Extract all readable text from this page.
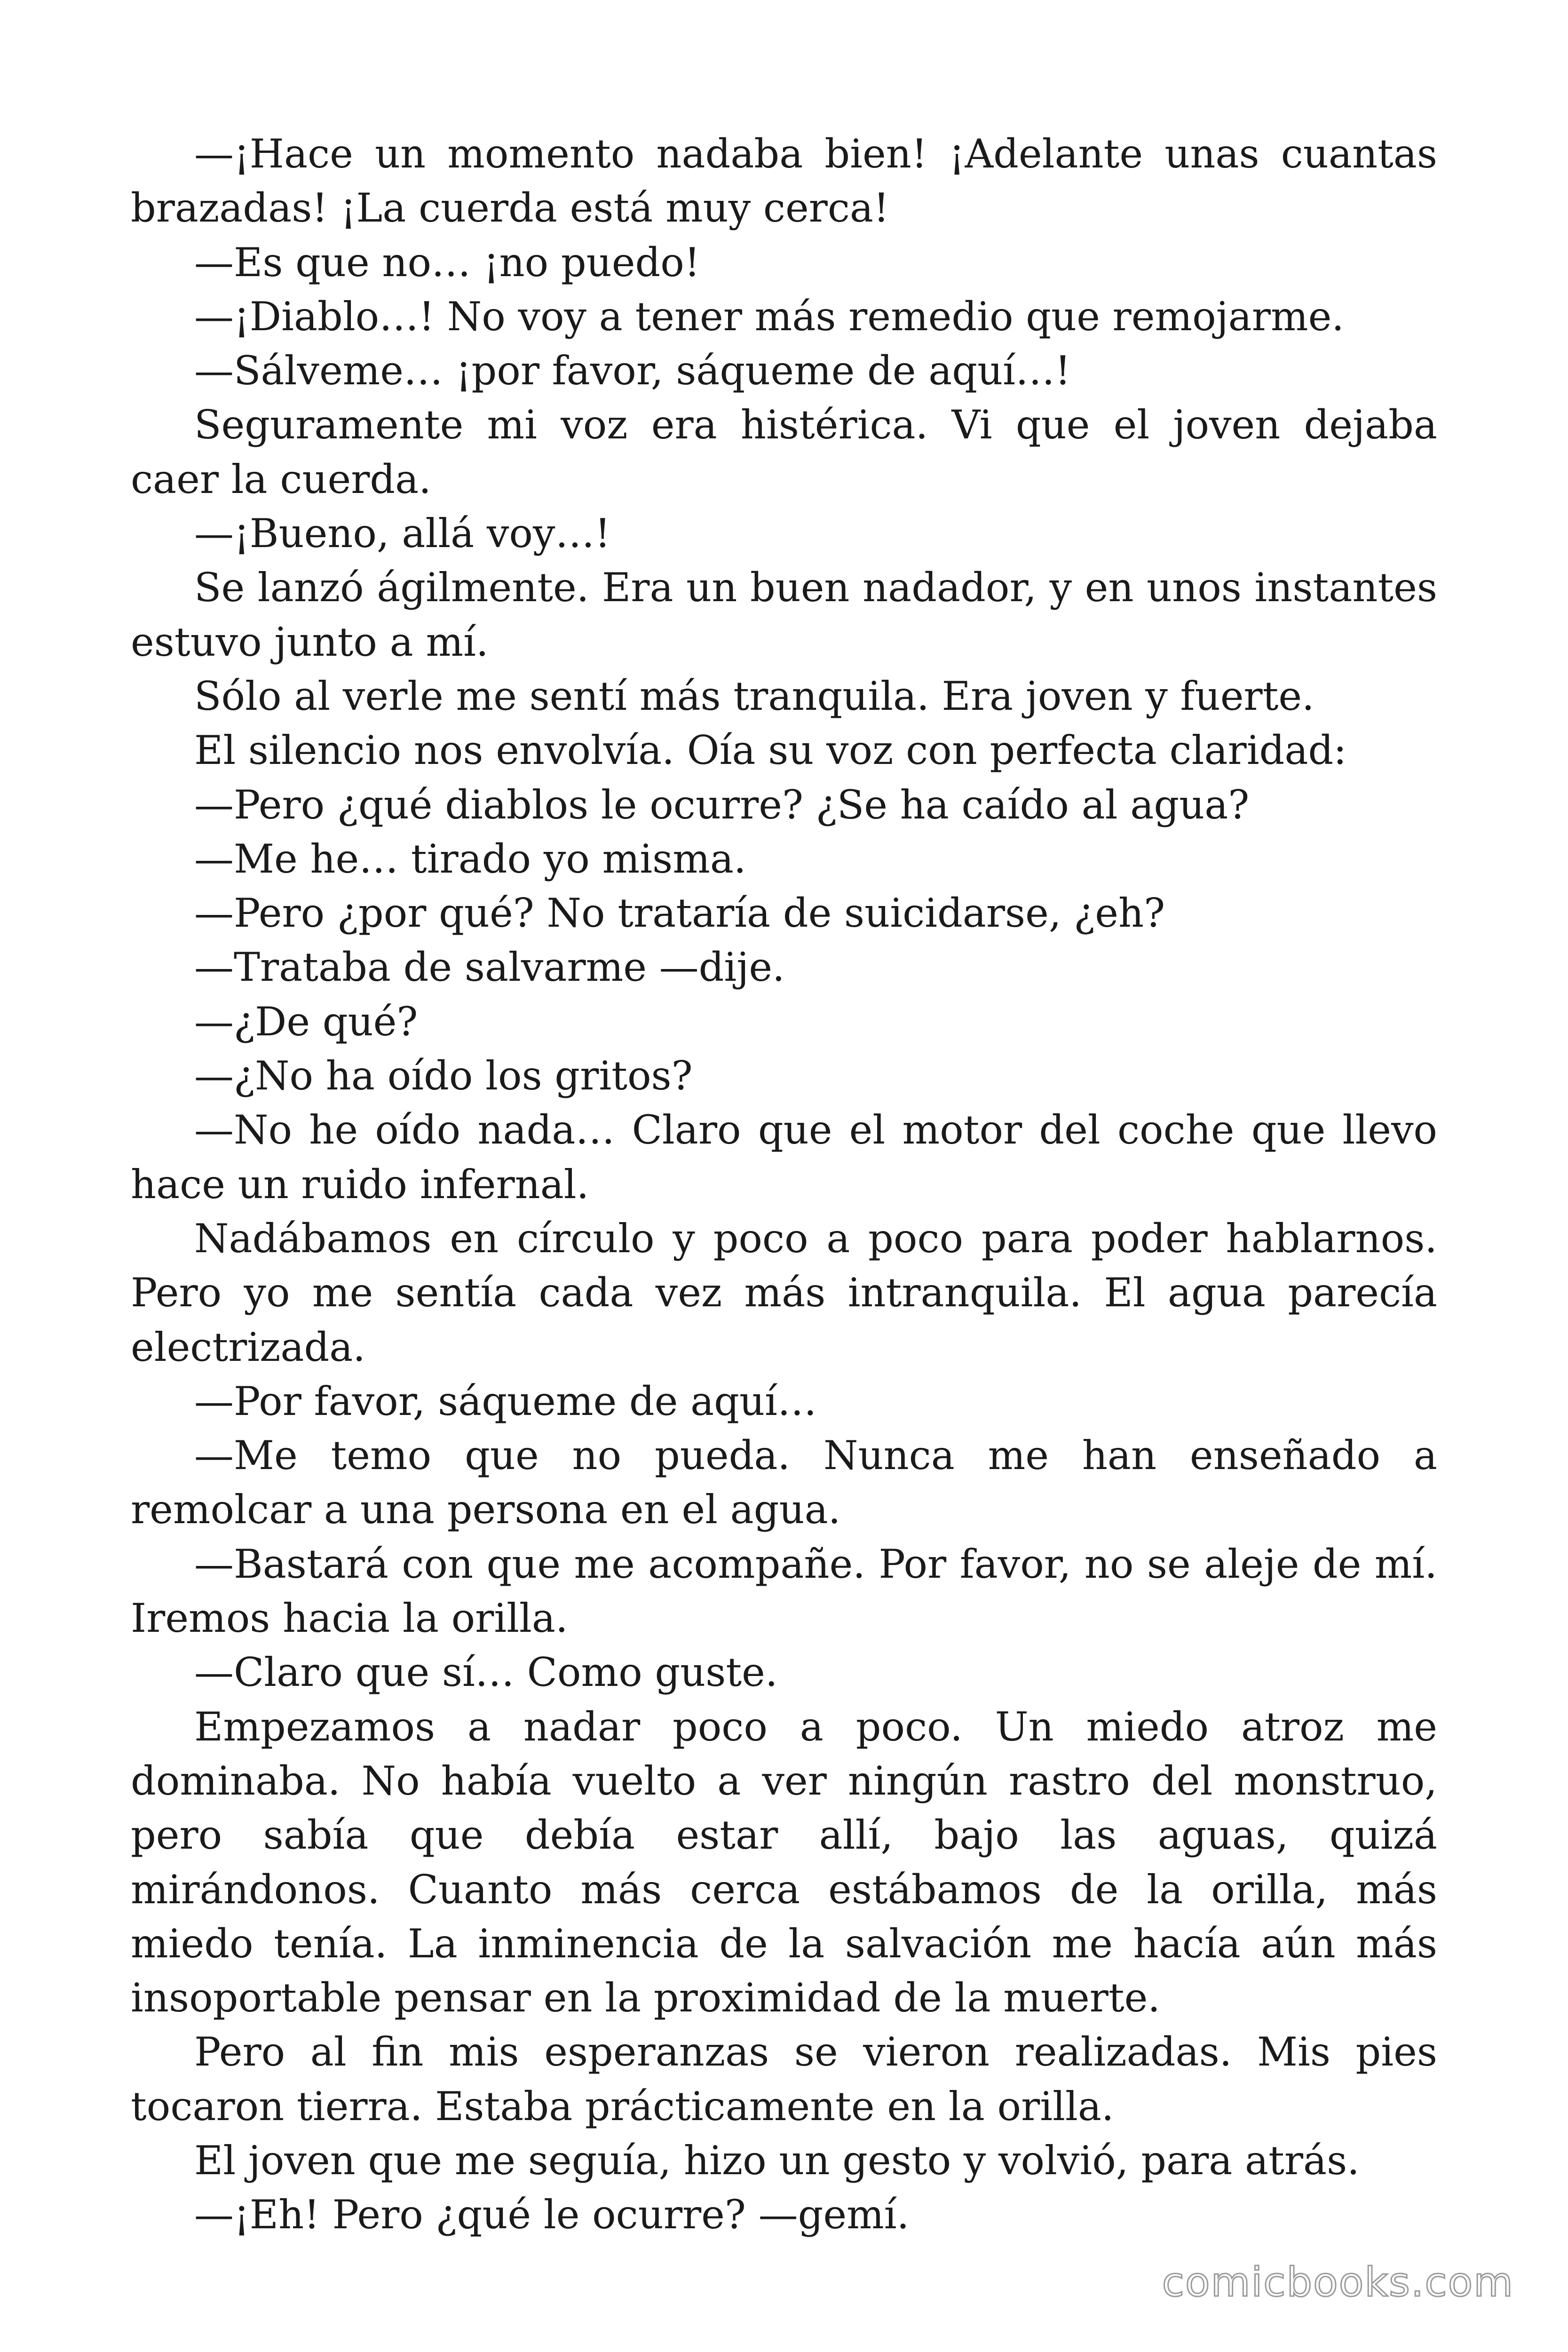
—¡Hace un momento nadaba bien! ¡Adelante unas cuantas brazadas! ¡La cuerda está muy cerca!

—Es que no… ¡no puedo!

—¡Diablo…! No voy a tener más remedio que remojarme.

—Sálveme… ¡por favor, sáqueme de aquí…!

Seguramente mi voz era histérica. Vi que el joven dejaba caer la cuerda.

—¡Bueno, allá voy…!

Se lanzó ágilmente. Era un buen nadador, y en unos instantes estuvo junto a mí.

Sólo al verle me sentí más tranquila. Era joven y fuerte.

El silencio nos envolvía. Oía su voz con perfecta claridad:

—Pero ¿qué diablos le ocurre? ¿Se ha caído al agua?

—Me he… tirado yo misma.

—Pero ¿por qué? No trataría de suicidarse, ¿eh?

—Trataba de salvarme —dije.

—¿De qué?

—¿No ha oído los gritos?

—No he oído nada… Claro que el motor del coche que llevo hace un ruido infernal.

Nadábamos en círculo y poco a poco para poder hablarnos. Pero yo me sentía cada vez más intranquila. El agua parecía electrizada.

—Por favor, sáqueme de aquí…

—Me temo que no pueda. Nunca me han enseñado a remolcar a una persona en el agua.

—Bastará con que me acompañe. Por favor, no se aleje de mí. Iremos hacia la orilla.

—Claro que sí… Como guste.

Empezamos a nadar poco a poco. Un miedo atroz me dominaba. No había vuelto a ver ningún rastro del monstruo, pero sabía que debía estar allí, bajo las aguas, quizá mirándonos. Cuanto más cerca estábamos de la orilla, más miedo tenía. La inminencia de la salvación me hacía aún más insoportable pensar en la proximidad de la muerte.

Pero al fin mis esperanzas se vieron realizadas. Mis pies tocaron tierra. Estaba prácticamente en la orilla.

El joven que me seguía, hizo un gesto y volvió, para atrás.

—¡Eh! Pero ¿qué le ocurre? —gemí.

comicbooks.com
